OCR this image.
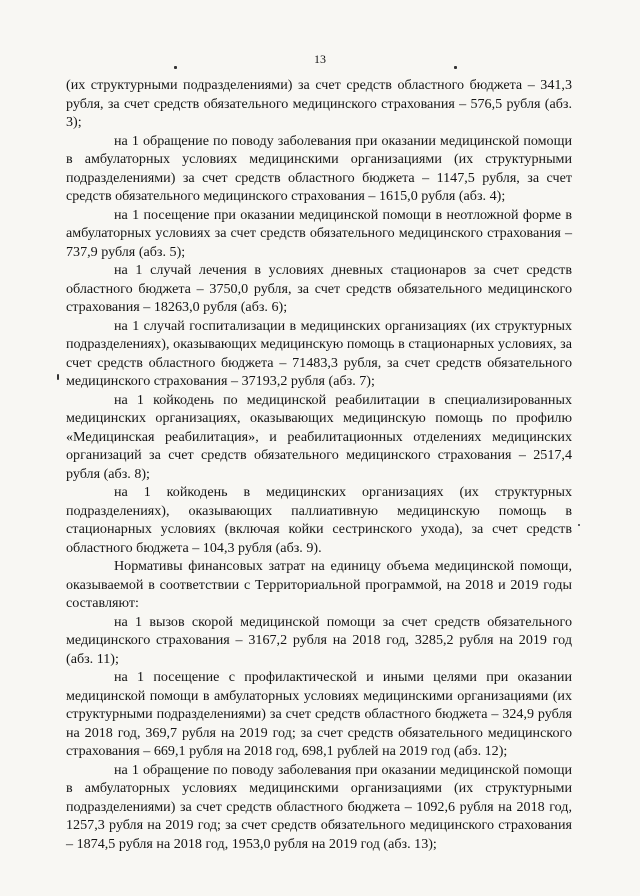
13

(их структурными подразделениями) за счет средств областного бюджета – 341,3 рубля, за счет средств обязательного медицинского страхования – 576,5 рубля (абз. 3);

на 1 обращение по поводу заболевания при оказании медицинской помощи в амбулаторных условиях медицинскими организациями (их структурными подразделениями) за счет средств областного бюджета – 1147,5 рубля, за счет средств обязательного медицинского страхования – 1615,0 рубля (абз. 4);

на 1 посещение при оказании медицинской помощи в неотложной форме в амбулаторных условиях за счет средств обязательного медицинского страхования – 737,9 рубля (абз. 5);

на 1 случай лечения в условиях дневных стационаров за счет средств областного бюджета – 3750,0 рубля, за счет средств обязательного медицинского страхования – 18263,0 рубля (абз. 6);

на 1 случай госпитализации в медицинских организациях (их структурных подразделениях), оказывающих медицинскую помощь в стационарных условиях, за счет средств областного бюджета – 71483,3 рубля, за счет средств обязательного медицинского страхования – 37193,2 рубля (абз. 7);

на 1 койкодень по медицинской реабилитации в специализированных медицинских организациях, оказывающих медицинскую помощь по профилю «Медицинская реабилитация», и реабилитационных отделениях медицинских организаций за счет средств обязательного медицинского страхования – 2517,4 рубля (абз. 8);

на 1 койкодень в медицинских организациях (их структурных подразделениях), оказывающих паллиативную медицинскую помощь в стационарных условиях (включая койки сестринского ухода), за счет средств областного бюджета – 104,3 рубля (абз. 9).

Нормативы финансовых затрат на единицу объема медицинской помощи, оказываемой в соответствии с Территориальной программой, на 2018 и 2019 годы составляют:

на 1 вызов скорой медицинской помощи за счет средств обязательного медицинского страхования – 3167,2 рубля на 2018 год, 3285,2 рубля на 2019 год (абз. 11);

на 1 посещение с профилактической и иными целями при оказании медицинской помощи в амбулаторных условиях медицинскими организациями (их структурными подразделениями) за счет средств областного бюджета – 324,9 рубля на 2018 год, 369,7 рубля на 2019 год; за счет средств обязательного медицинского страхования – 669,1 рубля на 2018 год, 698,1 рублей на 2019 год (абз. 12);

на 1 обращение по поводу заболевания при оказании медицинской помощи в амбулаторных условиях медицинскими организациями (их структурными подразделениями) за счет средств областного бюджета – 1092,6 рубля на 2018 год, 1257,3 рубля на 2019 год; за счет средств обязательного медицинского страхования – 1874,5 рубля на 2018 год, 1953,0 рубля на 2019 год (абз. 13);
